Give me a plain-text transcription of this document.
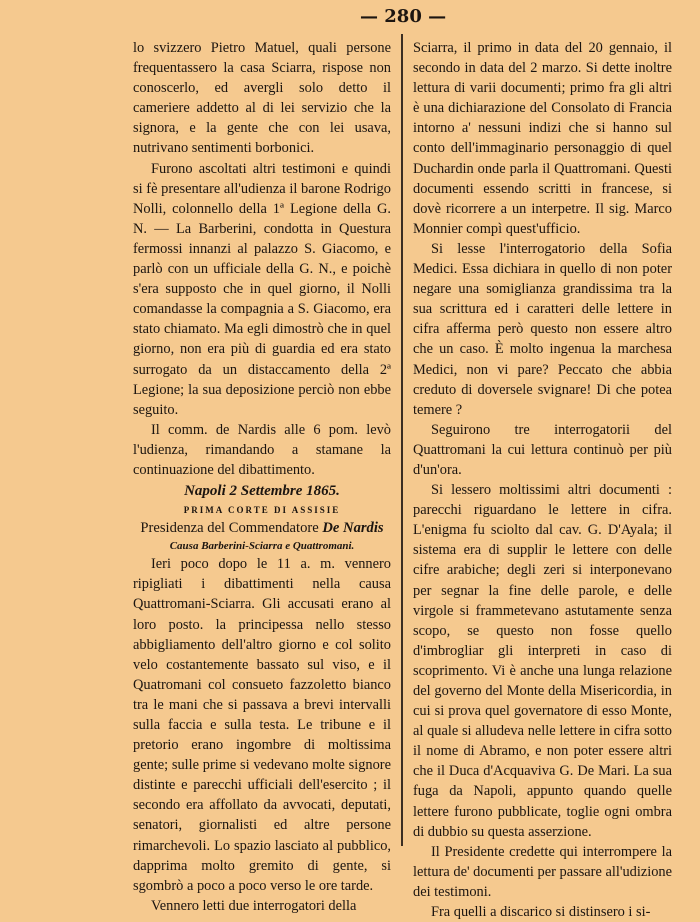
— 280 —

lo svizzero Pietro Matuel, quali persone frequentassero la casa Sciarra, rispose non conoscerlo, ed avergli solo detto il cameriere addetto al di lei servizio che la signora, e la gente che con lei usava, nutrivano sentimenti borbonici.

Furono ascoltati altri testimoni e quindi si fè presentare all'udienza il barone Rodrigo Nolli, colonnello della 1ª Legione della G. N. — La Barberini, condotta in Questura fermossi innanzi al palazzo S. Giacomo, e parlò con un ufficiale della G. N., e poichè s'era supposto che in quel giorno, il Nolli comandasse la compagnia a S. Giacomo, era stato chiamato. Ma egli dimostrò che in quel giorno, non era più di guardia ed era stato surrogato da un distaccamento della 2ª Legione; la sua deposizione perciò non ebbe seguito.

Il comm. de Nardis alle 6 pom. levò l'udienza, rimandando a stamane la continuazione del dibattimento.

Napoli 2 Settembre 1865.

PRIMA CORTE DI ASSISIE

Presidenza del Commendatore De Nardis

Causa Barberini-Sciarra e Quattromani.

Ieri poco dopo le 11 a. m. vennero ripigliati i dibattimenti nella causa Quattromani-Sciarra. Gli accusati erano al loro posto. la principessa nello stesso abbigliamento dell'altro giorno e col solito velo costantemente bassato sul viso, e il Quatromani col consueto fazzoletto bianco tra le mani che si passava a brevi intervalli sulla faccia e sulla testa. Le tribune e il pretorio erano ingombre di moltissima gente; sulle prime si vedevano molte signore distinte e parecchi ufficiali dell'esercito ; il secondo era affollato da avvocati, deputati, senatori, giornalisti ed altre persone rimarchevoli. Lo spazio lasciato al pubblico, dapprima molto gremito di gente, si sgombrò a poco a poco verso le ore tarde.

Vennero letti due interrogatori della

Sciarra, il primo in data del 20 gennaio, il secondo in data del 2 marzo. Si dette inoltre lettura di varii documenti; primo fra gli altri è una dichiarazione del Consolato di Francia intorno a' nessuni indizi che si hanno sul conto dell'immaginario personaggio di quel Duchardin onde parla il Quattromani. Questi documenti essendo scritti in francese, si dovè ricorrere a un interpetre. Il sig. Marco Monnier compì quest'ufficio.

Si lesse l'interrogatorio della Sofia Medici. Essa dichiara in quello di non poter negare una somiglianza grandissima tra la sua scrittura ed i caratteri delle lettere in cifra afferma però questo non essere altro che un caso. È molto ingenua la marchesa Medici, non vi pare? Peccato che abbia creduto di doversele svignare! Di che potea temere ?

Seguirono tre interrogatorii del Quattromani la cui lettura continuò per più d'un'ora.

Si lessero moltissimi altri documenti : parecchi riguardano le lettere in cifra. L'enigma fu sciolto dal cav. G. D'Ayala; il sistema era di supplir le lettere con delle cifre arabiche; degli zeri si interponevano per segnar la fine delle parole, e delle virgole si frammetevano astutamente senza scopo, se questo non fosse quello d'imbrogliar gli interpreti in caso di scoprimento. Vi è anche una lunga relazione del governo del Monte della Misericordia, in cui si prova quel governatore di esso Monte, al quale si alludeva nelle lettere in cifra sotto il nome di Abramo, e non poter essere altri che il Duca d'Acquaviva G. De Mari. La sua fuga da Napoli, appunto quando quelle lettere furono pubblicate, toglie ogni ombra di dubbio su questa asserzione.

Il Presidente credette qui interrompere la lettura de' documenti per passare all'udizione dei testimoni.

Fra quelli a discarico si distinsero i si-
